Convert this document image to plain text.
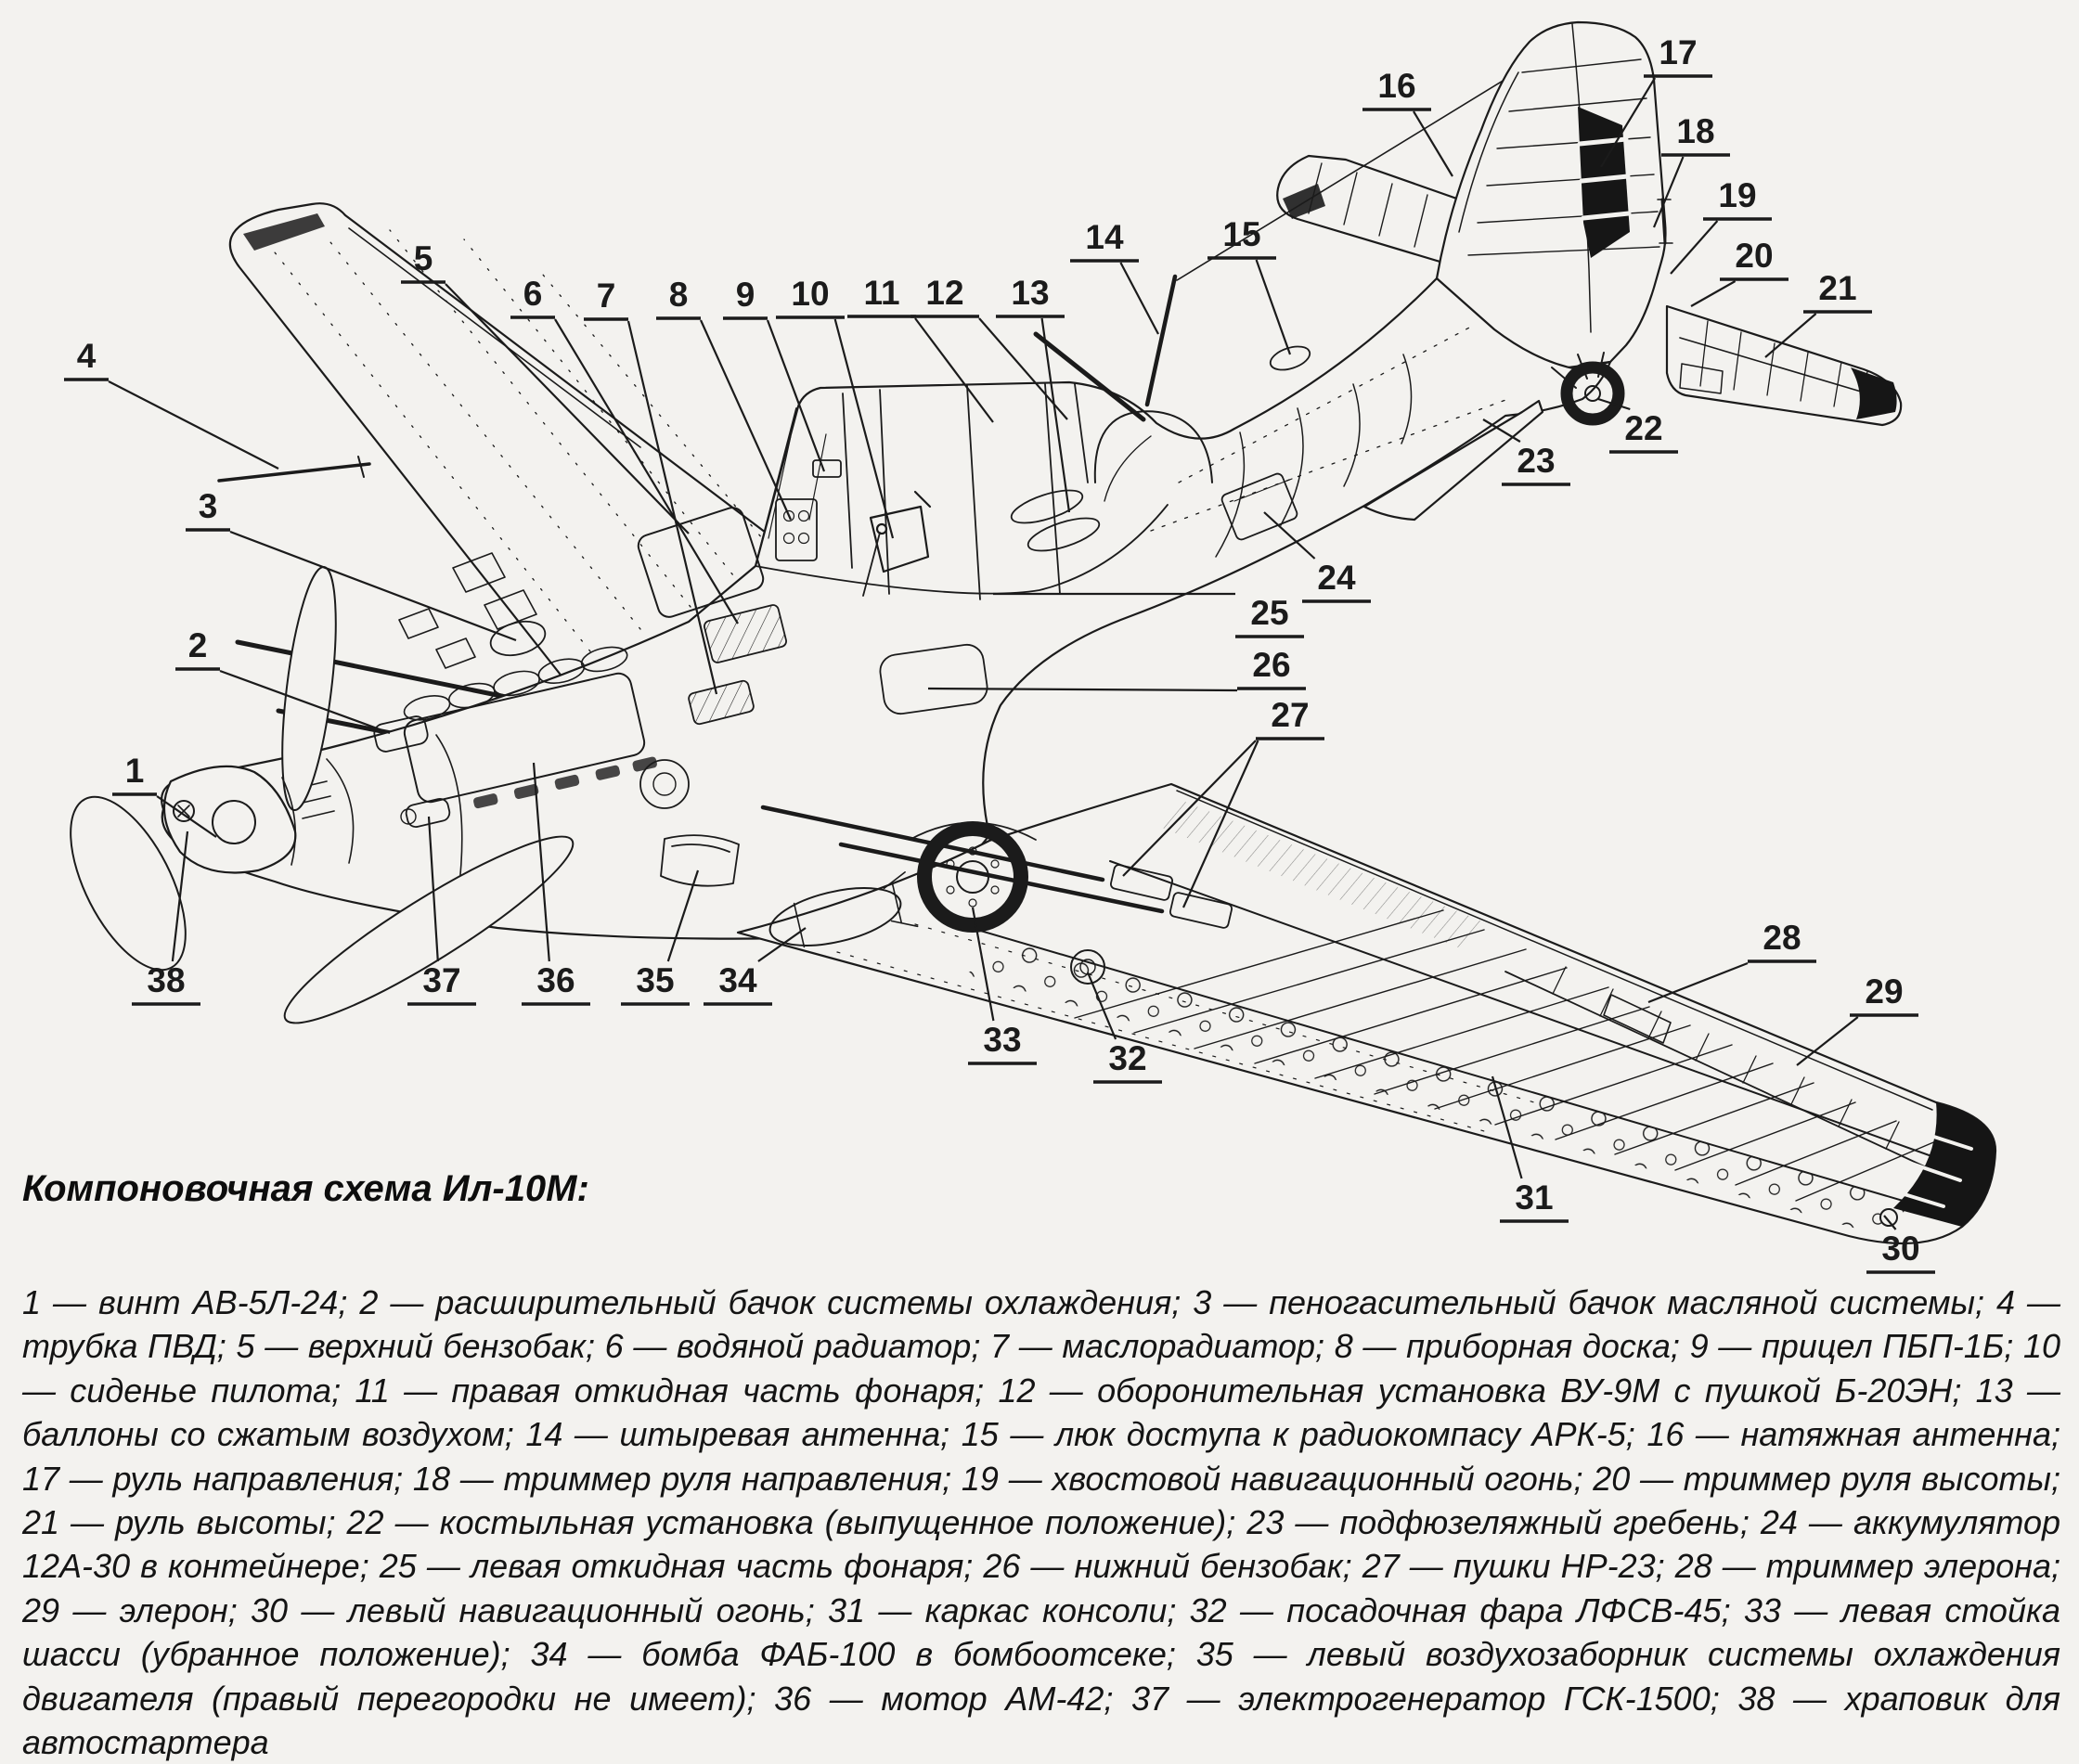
1
2
3
4
5
6 7 8 9 10 11 12 13
14	15
16
17
18
19
20
21
22
23
24
25
26
27
28
29
30
31
32
33
34
35
36
37
38
Компоновочная схема Ил-10М:

1 — винт АВ-5Л-24; 2 — расширительный бачок системы охлаждения; 3 — пеногасительный бачок масляной системы; 4 — трубка ПВД; 5 — верхний бензобак; 6 — водяной радиатор; 7 — маслорадиатор; 8 — приборная доска; 9 — прицел ПБП-1Б; 10 — сиденье пилота; 11 — правая откидная часть фонаря; 12 — оборонительная установка ВУ-9М с пушкой Б-20ЭН; 13 — баллоны со сжатым воздухом; 14 — штыревая антенна; 15 — люк доступа к радиокомпасу АРК-5; 16 — натяжная антенна; 17 — руль направления; 18 — триммер руля направления; 19 — хвостовой навигационный огонь; 20 — триммер руля высоты; 21 — руль высоты; 22 — костыльная установка (выпущенное положение); 23 — подфюзеляжный гребень; 24 — аккумулятор 12А-30 в контейнере; 25 — левая откидная часть фонаря; 26 — нижний бензобак; 27 — пушки НР-23; 28 — триммер элерона; 29 — элерон; 30 — левый навигационный огонь; 31 — каркас консоли; 32 — посадочная фара ЛФСВ-45; 33 — левая стойка шасси (убранное положение); 34 — бомба ФАБ-100 в бомбоотсеке; 35 — левый воздухозаборник системы охлаждения двигателя (правый перегородки не имеет); 36 — мотор АМ-42; 37 — электрогенератор ГСК-1500; 38 — храповик для автостартера
